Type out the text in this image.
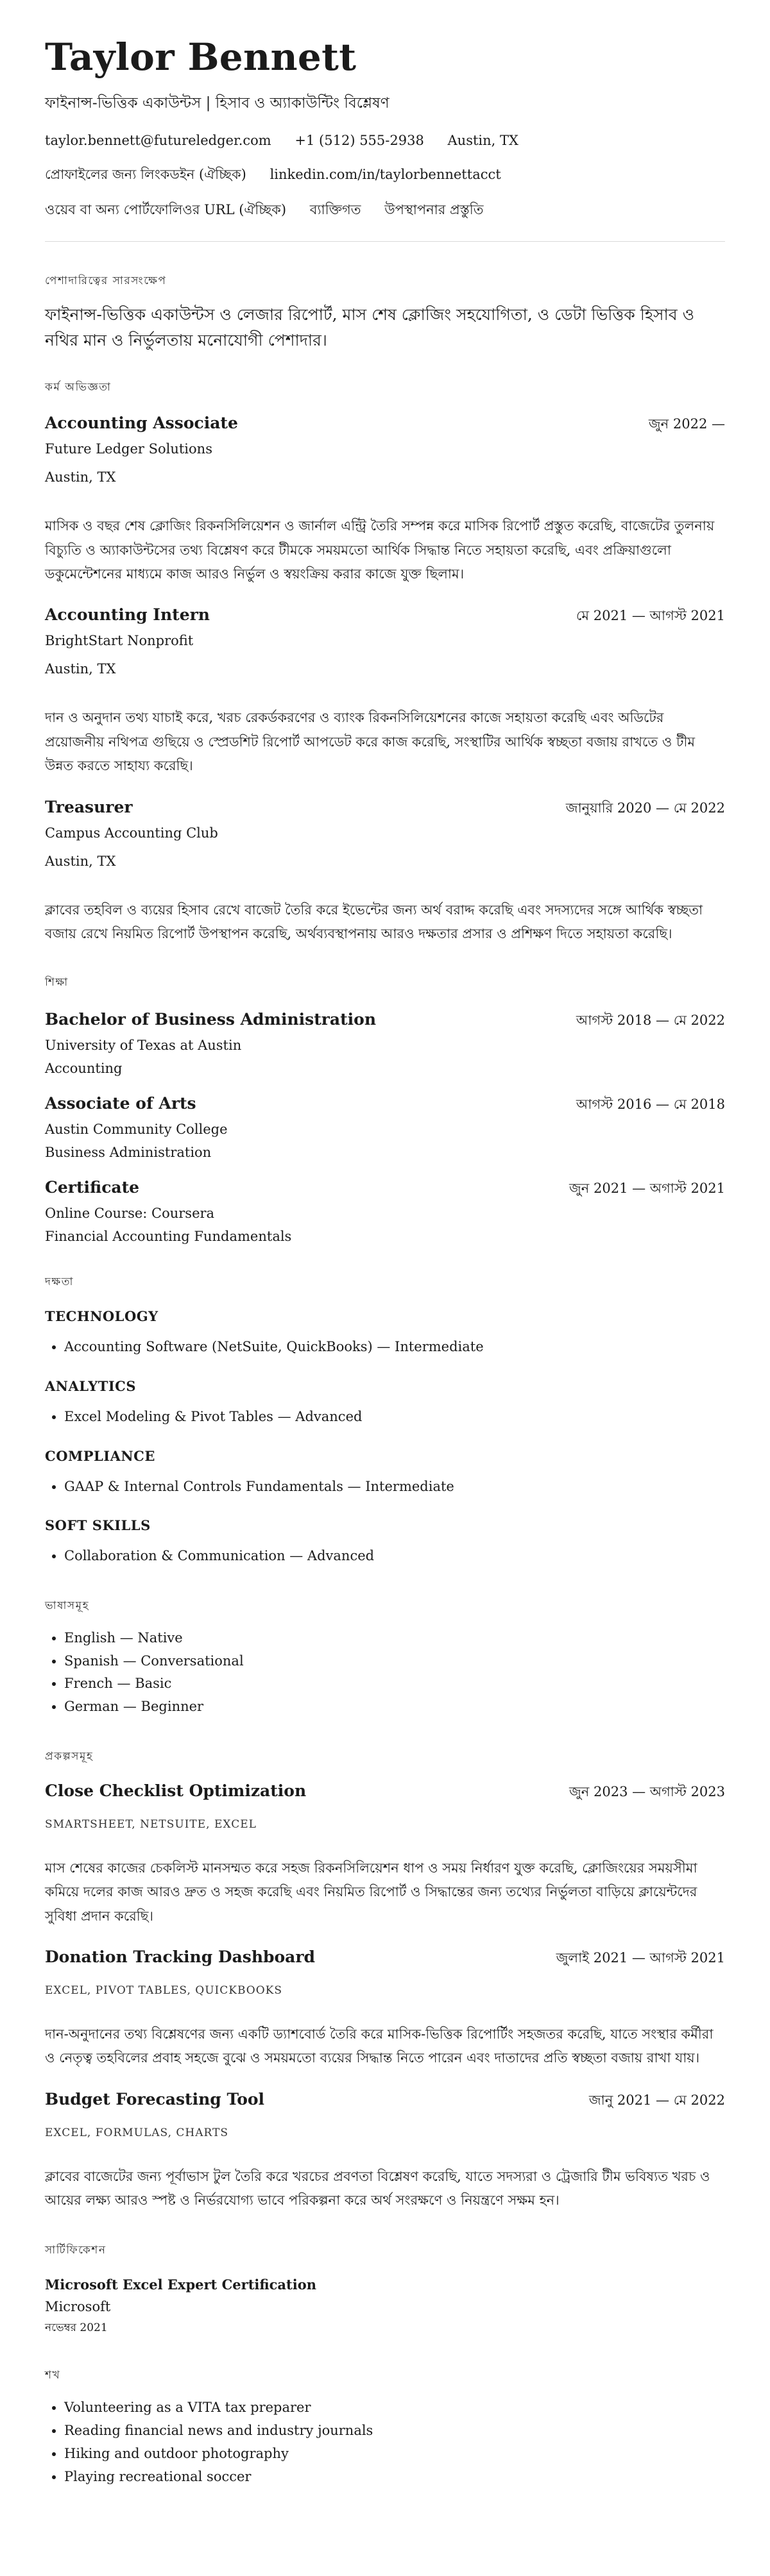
Taylor Bennett
ফাইনান্স-ভিত্তিক একাউন্টস | হিসাব ও অ্যাকাউন্টিং বিশ্লেষণ
taylor.bennett@futureledger.com +1 (512) 555-2938 Austin, TX
প্রোফাইলের জন্য লিংকডইন (ঐচ্ছিক) linkedin.com/in/taylorbennettacct
ওয়েব বা অন্য পোর্টফোলিওর URL (ঐচ্ছিক) ব্যাক্তিগত উপস্থাপনার প্রস্তুতি
পেশাদারিত্বের সারসংক্ষেপ
ফাইনান্স-ভিত্তিক একাউন্টস ও লেজার রিপোর্ট, মাস শেষ ক্লোজিং সহযোগিতা, ও ডেটা ভিত্তিক হিসাব ও নথির মান ও নির্ভুলতায় মনোযোগী পেশাদার।
কর্ম অভিজ্ঞতা
Accounting Associate	জুন 2022 —
Future Ledger Solutions
Austin, TX
মাসিক ও বছর শেষ ক্লোজিং রিকনসিলিয়েশন ও জার্নাল এন্ট্রি তৈরি সম্পন্ন করে মাসিক রিপোর্ট প্রস্তুত করেছি, বাজেটের তুলনায় বিচ্যুতি ও অ্যাকাউন্টসের তথ্য বিশ্লেষণ করে টীমকে সময়মতো আর্থিক সিদ্ধান্ত নিতে সহায়তা করেছি, এবং প্রক্রিয়াগুলো ডকুমেন্টেশনের মাধ্যমে কাজ আরও নির্ভুল ও স্বয়ংক্রিয় করার কাজে যুক্ত ছিলাম।
Accounting Intern	মে 2021 — আগস্ট 2021
BrightStart Nonprofit
Austin, TX
দান ও অনুদান তথ্য যাচাই করে, খরচ রেকর্ডকরণের ও ব্যাংক রিকনসিলিয়েশনের কাজে সহায়তা করেছি এবং অডিটের প্রয়োজনীয় নথিপত্র গুছিয়ে ও স্প্রেডশিট রিপোর্ট আপডেট করে কাজ করেছি, সংস্থাটির আর্থিক স্বচ্ছতা বজায় রাখতে ও টীম উন্নত করতে সাহায্য করেছি।
Treasurer	জানুয়ারি 2020 — মে 2022
Campus Accounting Club
Austin, TX
ক্লাবের তহবিল ও ব্যয়ের হিসাব রেখে বাজেট তৈরি করে ইভেন্টের জন্য অর্থ বরাদ্দ করেছি এবং সদস্যদের সঙ্গে আর্থিক স্বচ্ছতা বজায় রেখে নিয়মিত রিপোর্ট উপস্থাপন করেছি, অর্থব্যবস্থাপনায় আরও দক্ষতার প্রসার ও প্রশিক্ষণ দিতে সহায়তা করেছি।
শিক্ষা
Bachelor of Business Administration	আগস্ট 2018 — মে 2022
University of Texas at Austin
Accounting
Associate of Arts	আগস্ট 2016 — মে 2018
Austin Community College
Business Administration
Certificate	জুন 2021 — অগাস্ট 2021
Online Course: Coursera
Financial Accounting Fundamentals
দক্ষতা
TECHNOLOGY
• Accounting Software (NetSuite, QuickBooks) — Intermediate
ANALYTICS
• Excel Modeling & Pivot Tables — Advanced
COMPLIANCE
• GAAP & Internal Controls Fundamentals — Intermediate
SOFT SKILLS
• Collaboration & Communication — Advanced
ভাষাসমূহ
• English — Native
• Spanish — Conversational
• French — Basic
• German — Beginner
প্রকল্পসমূহ
Close Checklist Optimization	জুন 2023 — অগাস্ট 2023
SMARTSHEET, NETSUITE, EXCEL
মাস শেষের কাজের চেকলিস্ট মানসম্মত করে সহজ রিকনসিলিয়েশন ধাপ ও সময় নির্ধারণ যুক্ত করেছি, ক্লোজিংয়ের সময়সীমা কমিয়ে দলের কাজ আরও দ্রুত ও সহজ করেছি এবং নিয়মিত রিপোর্ট ও সিদ্ধান্তের জন্য তথ্যের নির্ভুলতা বাড়িয়ে ক্লায়েন্টদের সুবিধা প্রদান করেছি।
Donation Tracking Dashboard	জুলাই 2021 — আগস্ট 2021
EXCEL, PIVOT TABLES, QUICKBOOKS
দান-অনুদানের তথ্য বিশ্লেষণের জন্য একটি ড্যাশবোর্ড তৈরি করে মাসিক-ভিত্তিক রিপোর্টিং সহজতর করেছি, যাতে সংস্থার কর্মীরা ও নেতৃত্ব তহবিলের প্রবাহ সহজে বুঝে ও সময়মতো ব্যয়ের সিদ্ধান্ত নিতে পারেন এবং দাতাদের প্রতি স্বচ্ছতা বজায় রাখা যায়।
Budget Forecasting Tool	জানু 2021 — মে 2022
EXCEL, FORMULAS, CHARTS
ক্লাবের বাজেটের জন্য পূর্বাভাস টুল তৈরি করে খরচের প্রবণতা বিশ্লেষণ করেছি, যাতে সদস্যরা ও ট্রেজারি টীম ভবিষ্যত খরচ ও আয়ের লক্ষ্য আরও স্পষ্ট ও নির্ভরযোগ্য ভাবে পরিকল্পনা করে অর্থ সংরক্ষণে ও নিয়ন্ত্রণে সক্ষম হন।
সার্টিফিকেশন
Microsoft Excel Expert Certification
Microsoft
নভেম্বর 2021
শখ
• Volunteering as a VITA tax preparer
• Reading financial news and industry journals
• Hiking and outdoor photography
• Playing recreational soccer
